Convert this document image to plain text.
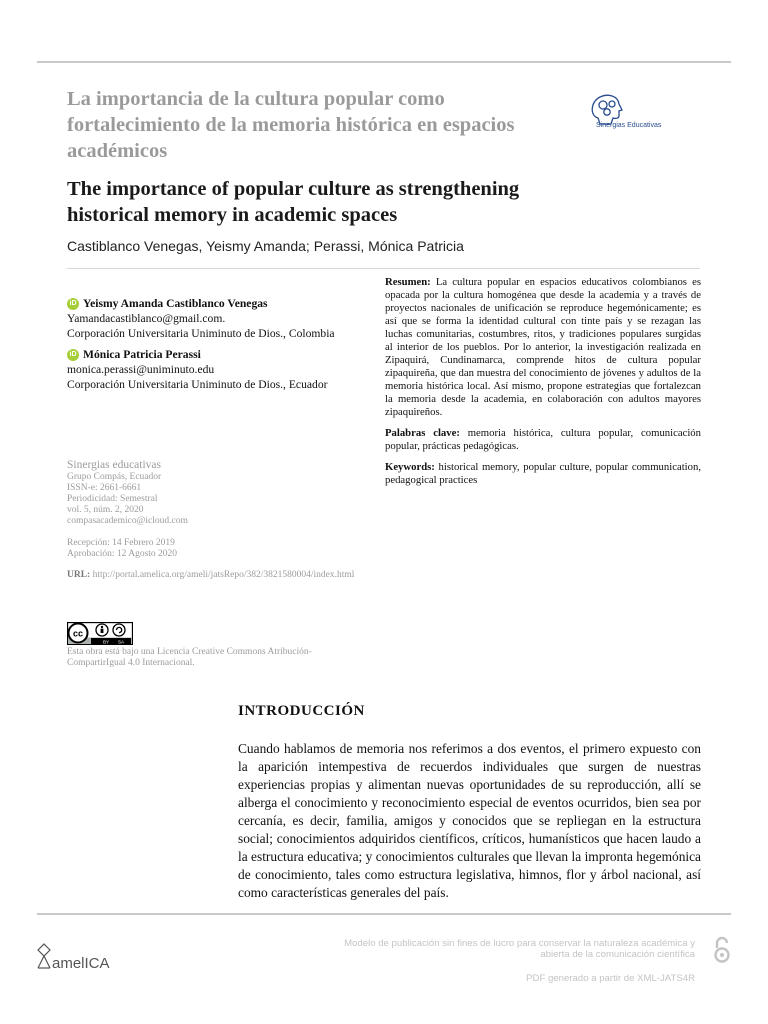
La importancia de la cultura popular como fortalecimiento de la memoria histórica en espacios académicos
The importance of popular culture as strengthening historical memory in academic spaces
Castiblanco Venegas, Yeismy Amanda; Perassi, Mónica Patricia
Sinergias Educativas
iD Yeismy Amanda Castiblanco Venegas
Yamandacastiblanco@gmail.com.
Corporación Universitaria Uniminuto de Dios., Colombia
iD Mónica Patricia Perassi
monica.perassi@uniminuto.edu
Corporación Universitaria Uniminuto de Dios., Ecuador
Sinergias educativas
Grupo Compás, Ecuador
ISSN-e: 2661-6661
Periodicidad: Semestral
vol. 5, núm. 2, 2020
compasacademico@icloud.com
Recepción: 14 Febrero 2019
Aprobación: 12 Agosto 2020
URL: http://portal.amelica.org/ameli/jatsRepo/382/3821580004/index.html
cc
BY SA
Esta obra está bajo una Licencia Creative Commons Atribución-CompartirIgual 4.0 Internacional.

Resumen: La cultura popular en espacios educativos colombianos es opacada por la cultura homogénea que desde la academia y a través de proyectos nacionales de unificación se reproduce hegemónicamente; es así que se forma la identidad cultural con tinte país y se rezagan las luchas comunitarias, costumbres, ritos, y tradiciones populares surgidas al interior de los pueblos. Por lo anterior, la investigación realizada en Zipaquirá, Cundinamarca, comprende hitos de cultura popular zipaquireña, que dan muestra del conocimiento de jóvenes y adultos de la memoria histórica local. Así mismo, propone estrategias que fortalezcan la memoria desde la academia, en colaboración con adultos mayores zipaquireños.

Palabras clave: memoria histórica, cultura popular, comunicación popular, prácticas pedagógicas.

Keywords: historical memory, popular culture, popular communication, pedagogical practices

INTRODUCCIÓN

Cuando hablamos de memoria nos referimos a dos eventos, el primero expuesto con la aparición intempestiva de recuerdos individuales que surgen de nuestras experiencias propias y alimentan nuevas oportunidades de su reproducción, allí se alberga el conocimiento y reconocimiento especial de eventos ocurridos, bien sea por cercanía, es decir, familia, amigos y conocidos que se repliegan en la estructura social; conocimientos adquiridos científicos, críticos, humanísticos que hacen laudo a la estructura educativa; y conocimientos culturales que llevan la impronta hegemónica de conocimiento, tales como estructura legislativa, himnos, flor y árbol nacional, así como características generales del país.

amelICA
Modelo de publicación sin fines de lucro para conservar la naturaleza académica y
abierta de la comunicación científica
PDF generado a partir de XML-JATS4R
